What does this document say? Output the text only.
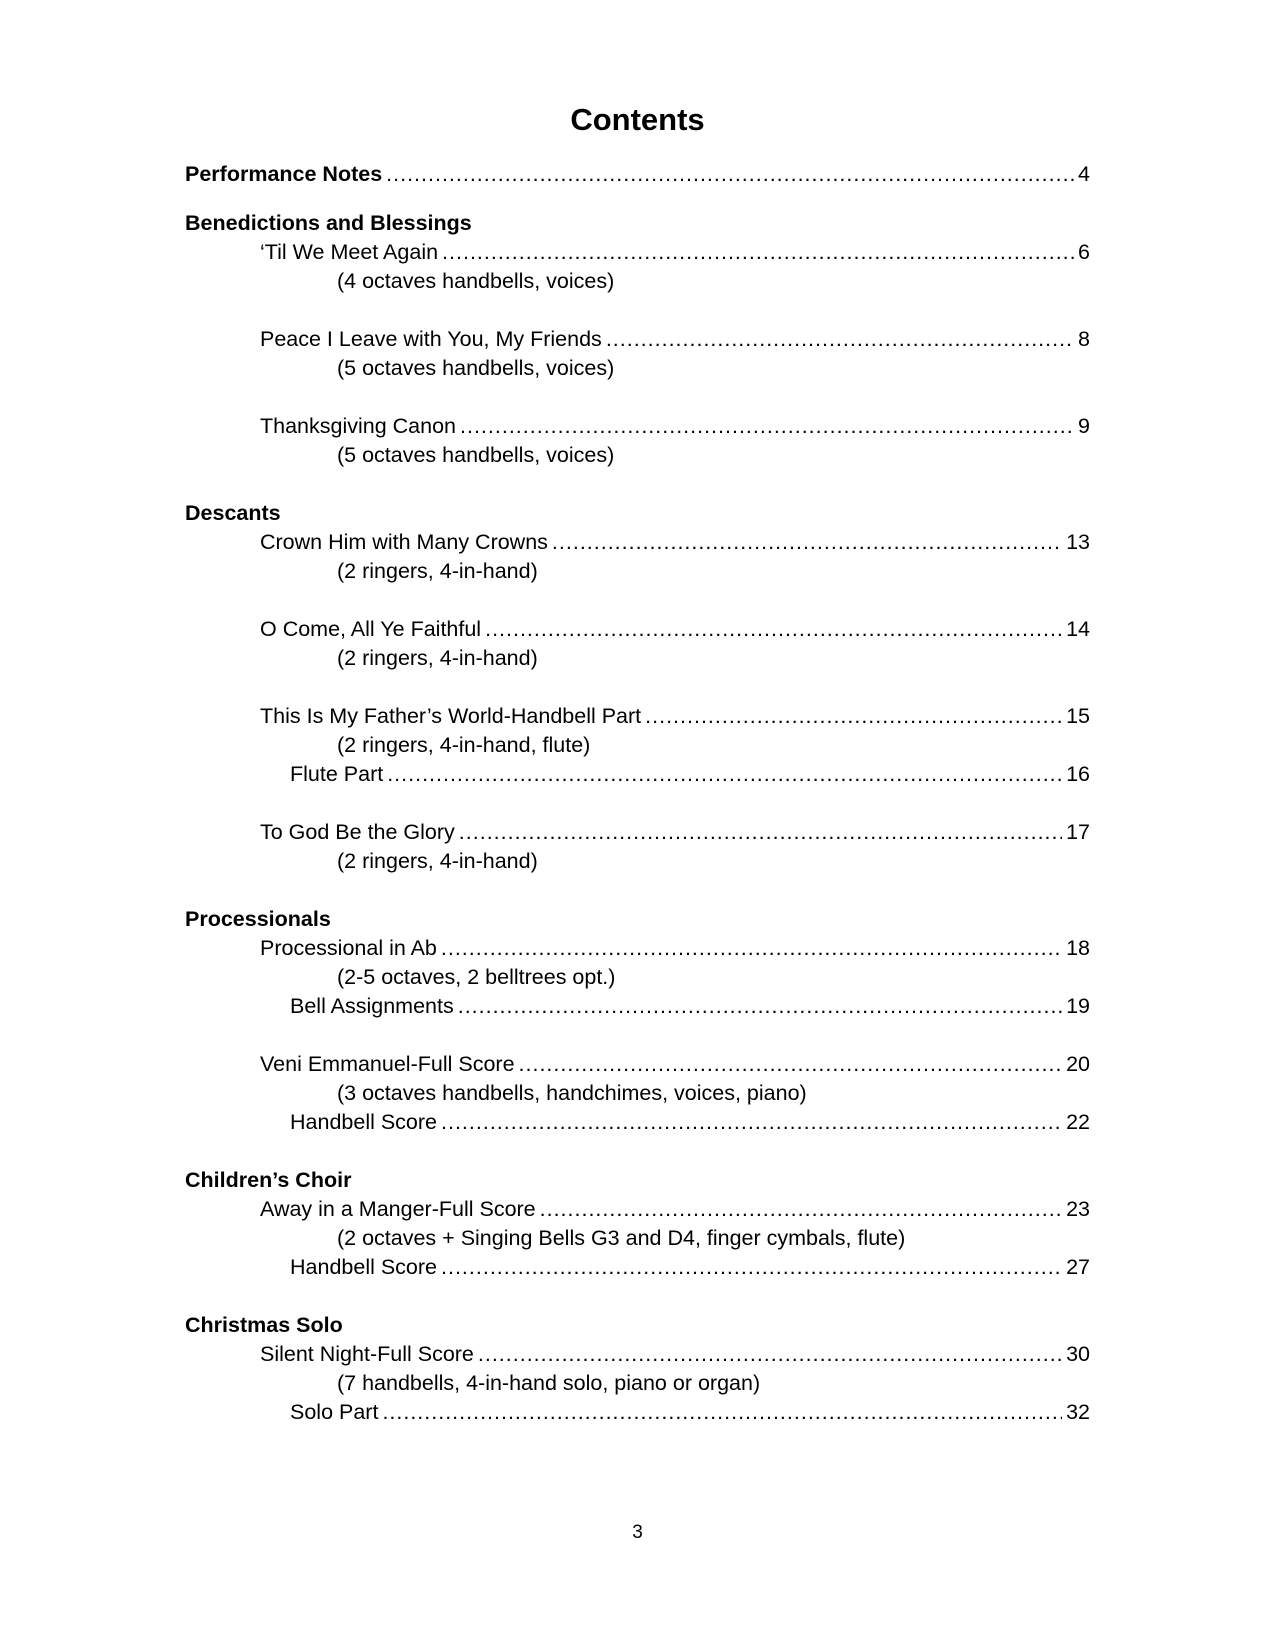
Contents
Performance Notes .....	4
Benedictions and Blessings
‘Til We Meet Again .....	6
(4 octaves handbells, voices)
Peace I Leave with You, My Friends .....	8
(5 octaves handbells, voices)
Thanksgiving Canon .....	9
(5 octaves handbells, voices)
Descants
Crown Him with Many Crowns .....	13
(2 ringers, 4-in-hand)
O Come, All Ye Faithful .....	14
(2 ringers, 4-in-hand)
This Is My Father’s World-Handbell Part .....	15
(2 ringers, 4-in-hand, flute)
Flute Part .....	16
To God Be the Glory .....	17
(2 ringers, 4-in-hand)
Processionals
Processional in Ab .....	18
(2-5 octaves, 2 belltrees opt.)
Bell Assignments .....	19
Veni Emmanuel-Full Score .....	20
(3 octaves handbells, handchimes, voices, piano)
Handbell Score .....	22
Children’s Choir
Away in a Manger-Full Score .....	23
(2 octaves + Singing Bells G3 and D4, finger cymbals, flute)
Handbell Score .....	27
Christmas Solo
Silent Night-Full Score .....	30
(7 handbells, 4-in-hand solo, piano or organ)
Solo Part .....	32
3
